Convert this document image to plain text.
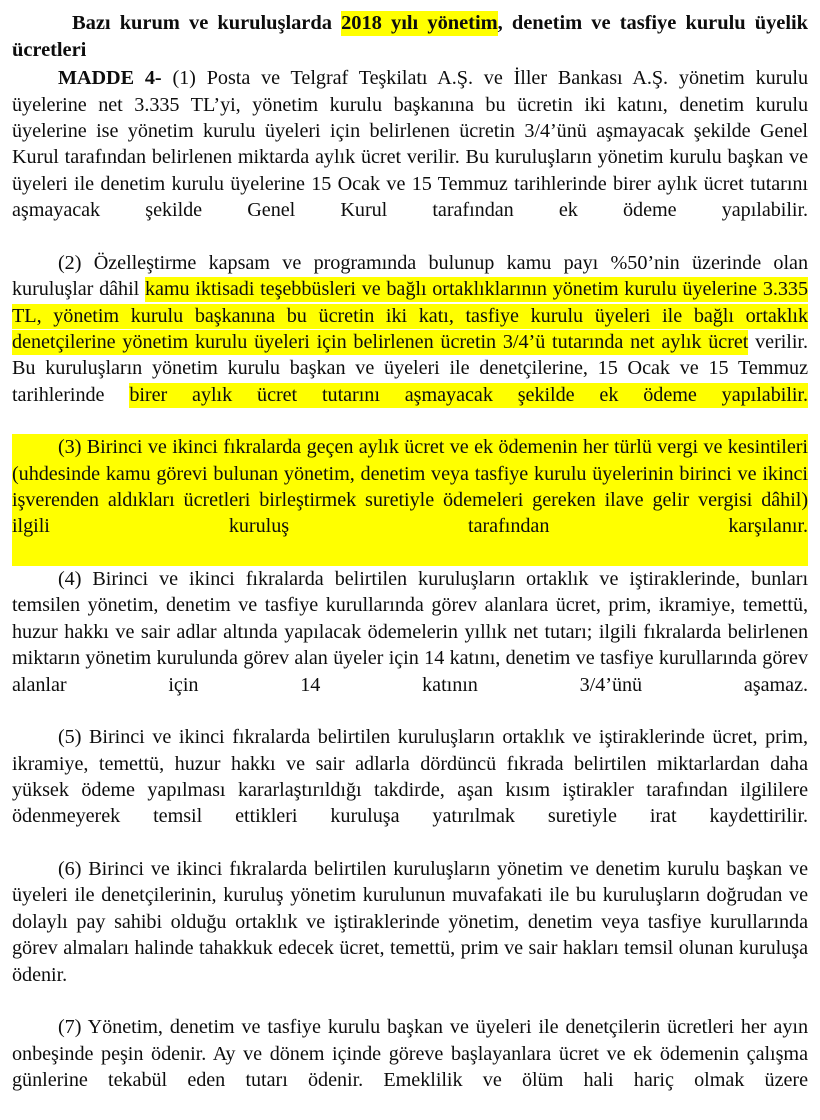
Bazı kurum ve kuruluşlarda 2018 yılı yönetim, denetim ve tasfiye kurulu üyelik ücretleri

MADDE 4- (1) Posta ve Telgraf Teşkilatı A.Ş. ve İller Bankası A.Ş. yönetim kurulu üyelerine net 3.335 TL’yi, yönetim kurulu başkanına bu ücretin iki katını, denetim kurulu üyelerine ise yönetim kurulu üyeleri için belirlenen ücretin 3/4’ünü aşmayacak şekilde Genel Kurul tarafından belirlenen miktarda aylık ücret verilir. Bu kuruluşların yönetim kurulu başkan ve üyeleri ile denetim kurulu üyelerine 15 Ocak ve 15 Temmuz tarihlerinde birer aylık ücret tutarını aşmayacak şekilde Genel Kurul tarafından ek ödeme yapılabilir.

(2) Özelleştirme kapsam ve programında bulunup kamu payı %50’nin üzerinde olan kuruluşlar dâhil kamu iktisadi teşebbüsleri ve bağlı ortaklıklarının yönetim kurulu üyelerine 3.335 TL, yönetim kurulu başkanına bu ücretin iki katı, tasfiye kurulu üyeleri ile bağlı ortaklık denetçilerine yönetim kurulu üyeleri için belirlenen ücretin 3/4’ü tutarında net aylık ücret verilir. Bu kuruluşların yönetim kurulu başkan ve üyeleri ile denetçilerine, 15 Ocak ve 15 Temmuz tarihlerinde birer aylık ücret tutarını aşmayacak şekilde ek ödeme yapılabilir.

(3) Birinci ve ikinci fıkralarda geçen aylık ücret ve ek ödemenin her türlü vergi ve kesintileri (uhdesinde kamu görevi bulunan yönetim, denetim veya tasfiye kurulu üyelerinin birinci ve ikinci işverenden aldıkları ücretleri birleştirmek suretiyle ödemeleri gereken ilave gelir vergisi dâhil) ilgili kuruluş tarafından karşılanır.

(4) Birinci ve ikinci fıkralarda belirtilen kuruluşların ortaklık ve iştiraklerinde, bunları temsilen yönetim, denetim ve tasfiye kurullarında görev alanlara ücret, prim, ikramiye, temettü, huzur hakkı ve sair adlar altında yapılacak ödemelerin yıllık net tutarı; ilgili fıkralarda belirlenen miktarın yönetim kurulunda görev alan üyeler için 14 katını, denetim ve tasfiye kurullarında görev alanlar için 14 katının 3/4’ünü aşamaz.

(5) Birinci ve ikinci fıkralarda belirtilen kuruluşların ortaklık ve iştiraklerinde ücret, prim, ikramiye, temettü, huzur hakkı ve sair adlarla dördüncü fıkrada belirtilen miktarlardan daha yüksek ödeme yapılması kararlaştırıldığı takdirde, aşan kısım iştirakler tarafından ilgililere ödenmeyerek temsil ettikleri kuruluşa yatırılmak suretiyle irat kaydettirilir.

(6) Birinci ve ikinci fıkralarda belirtilen kuruluşların yönetim ve denetim kurulu başkan ve üyeleri ile denetçilerinin, kuruluş yönetim kurulunun muvafakati ile bu kuruluşların doğrudan ve dolaylı pay sahibi olduğu ortaklık ve iştiraklerinde yönetim, denetim veya tasfiye kurullarında görev almaları halinde tahakkuk edecek ücret, temettü, prim ve sair hakları temsil olunan kuruluşa ödenir.

(7) Yönetim, denetim ve tasfiye kurulu başkan ve üyeleri ile denetçilerin ücretleri her ayın onbeşinde peşin ödenir. Ay ve dönem içinde göreve başlayanlara ücret ve ek ödemenin çalışma günlerine tekabül eden tutarı ödenir. Emeklilik ve ölüm hali hariç olmak üzere
